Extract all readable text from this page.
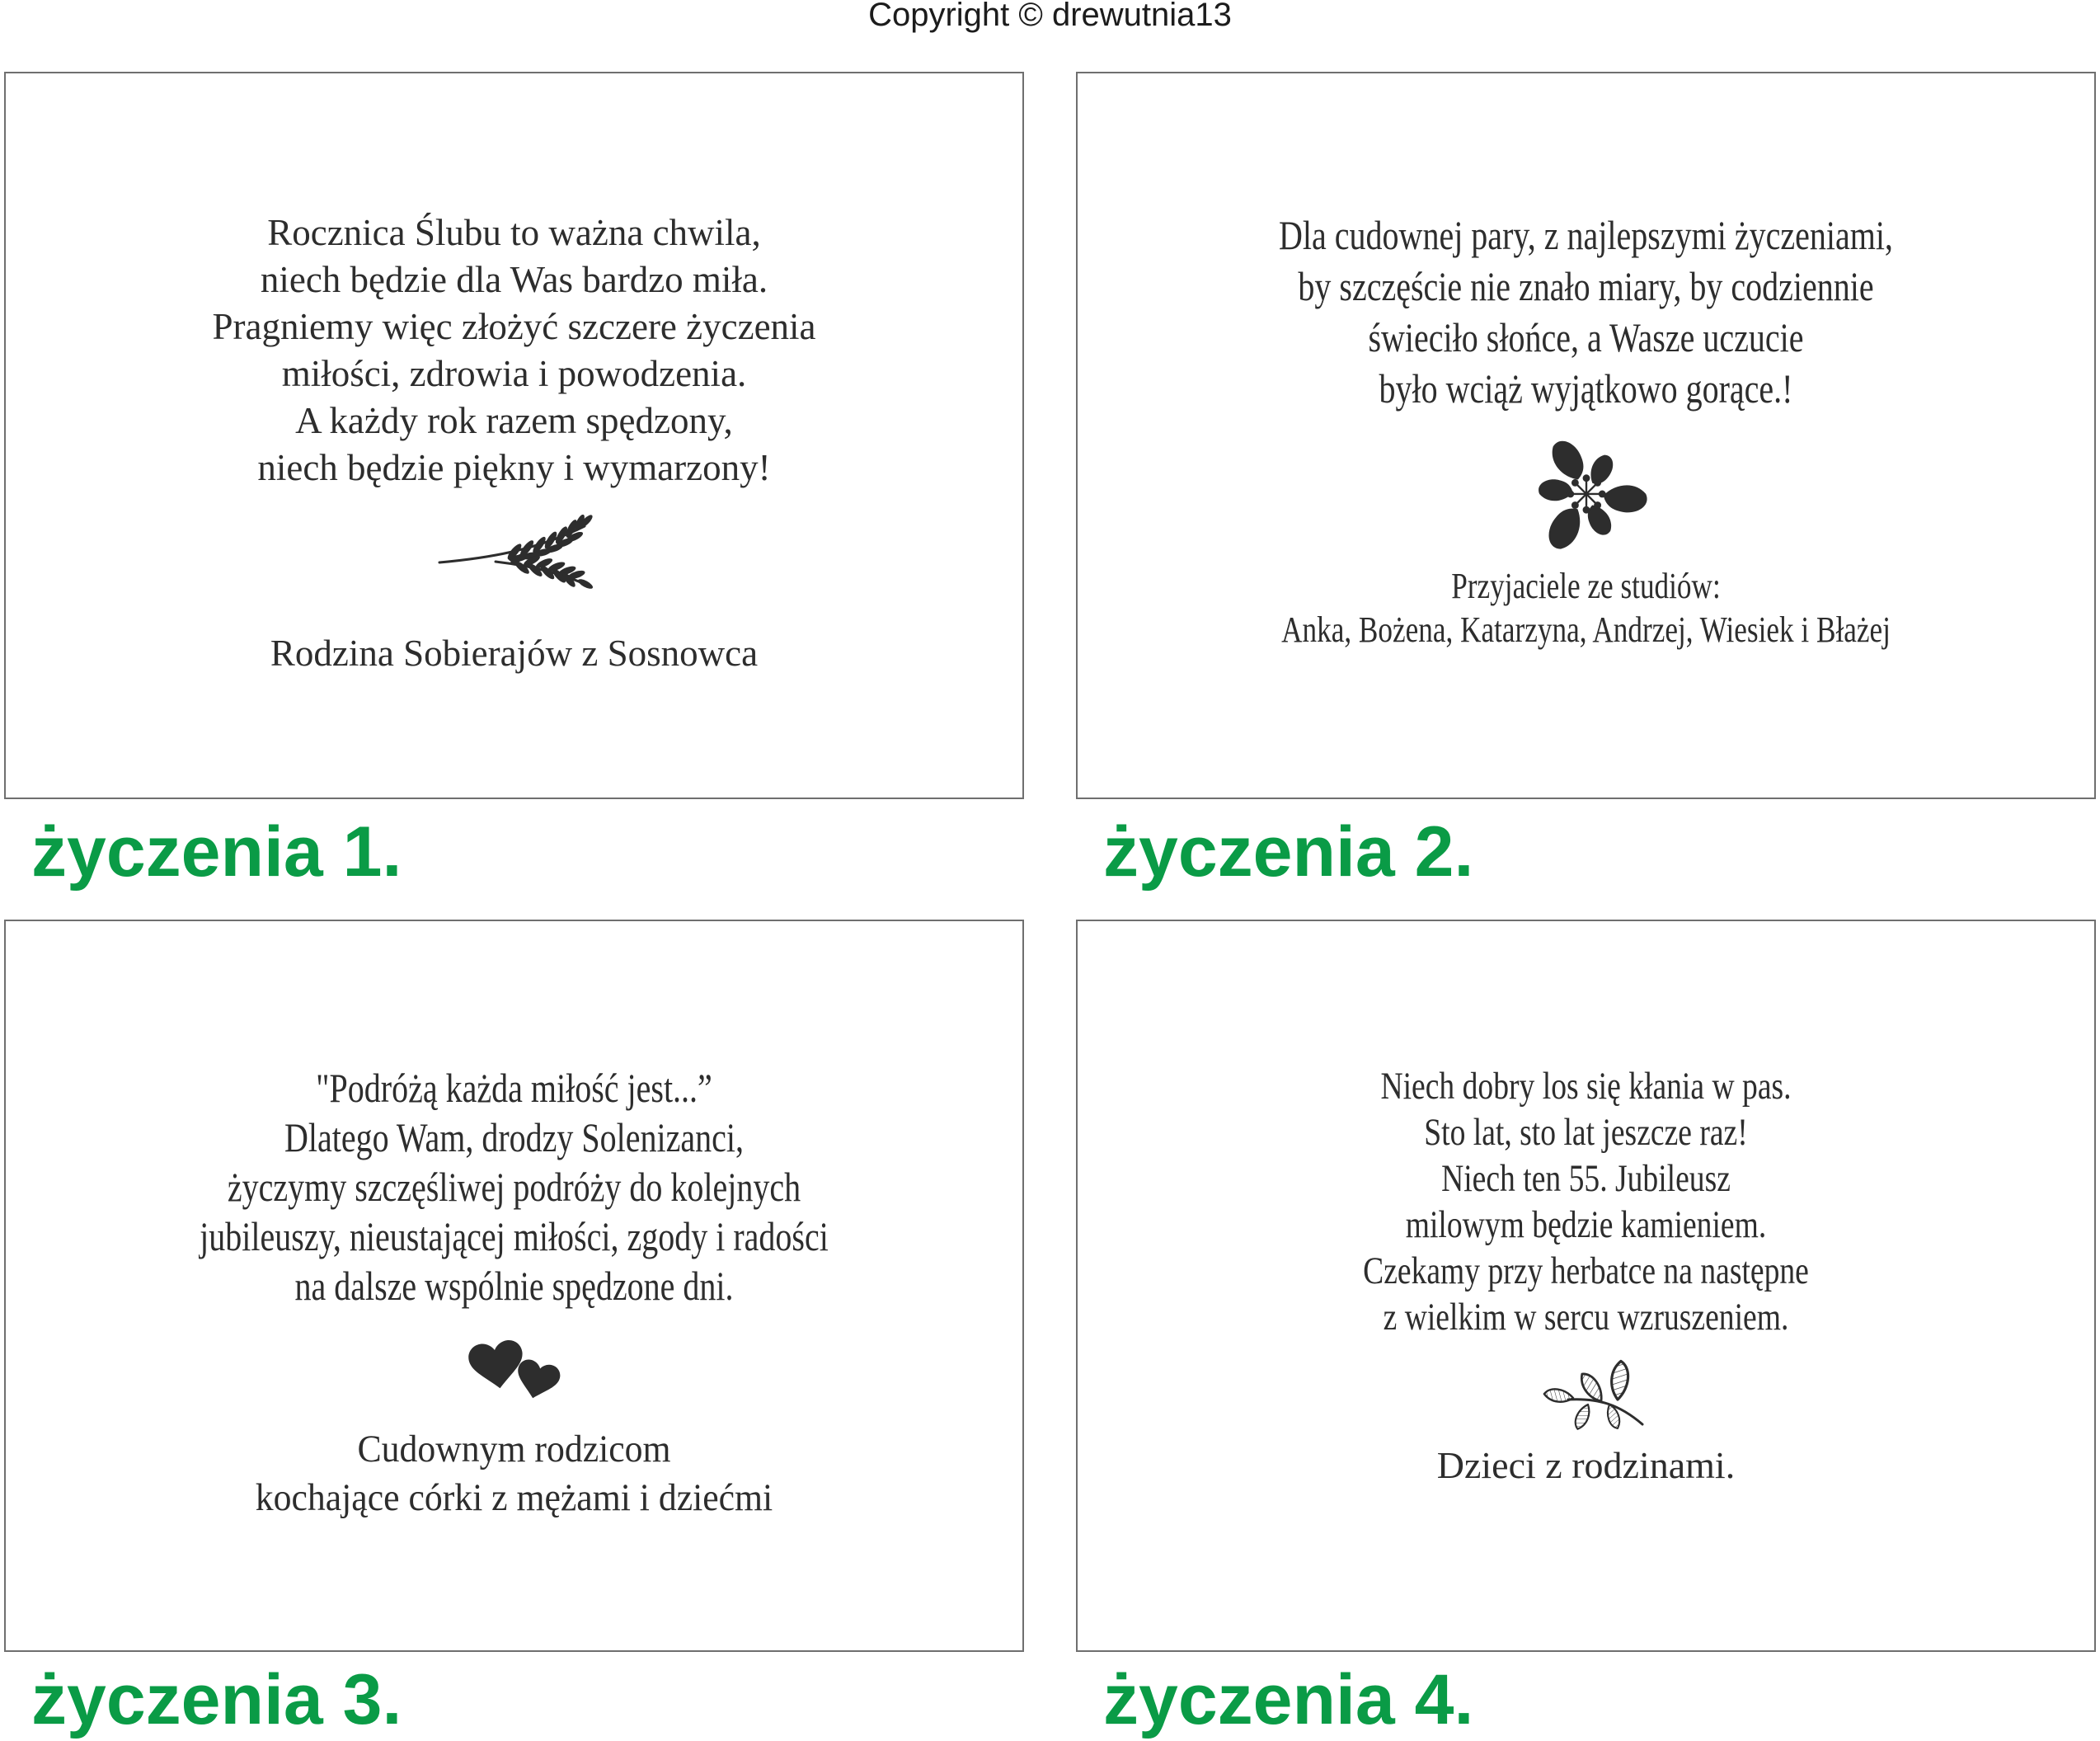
Copyright © drewutnia13
Rocznica Ślubu to ważna chwila,
niech będzie dla Was bardzo miła.
Pragniemy więc złożyć szczere życzenia
miłości, zdrowia i powodzenia.
A każdy rok razem spędzony,
niech będzie piękny i wymarzony!
Rodzina Sobierajów z Sosnowca
Dla cudownej pary, z najlepszymi życzeniami,
by szczęście nie znało miary, by codziennie
świeciło słońce, a Wasze uczucie
było wciąż wyjątkowo gorące.!
Przyjaciele ze studiów:
Anka, Bożena, Katarzyna, Andrzej, Wiesiek i Błażej
"Podróżą każda miłość jest...”
Dlatego Wam, drodzy Solenizanci,
życzymy szczęśliwej podróży do kolejnych
jubileuszy, nieustającej miłości, zgody i radości
na dalsze wspólnie spędzone dni.
Cudownym rodzicom
kochające córki z mężami i dziećmi
Niech dobry los się kłania w pas.
Sto lat, sto lat jeszcze raz!
Niech ten 55. Jubileusz
milowym będzie kamieniem.
Czekamy przy herbatce na następne
z wielkim w sercu wzruszeniem.
Dzieci z rodzinami.
życzenia 1.	życzenia 2.
życzenia 3.	życzenia 4.
